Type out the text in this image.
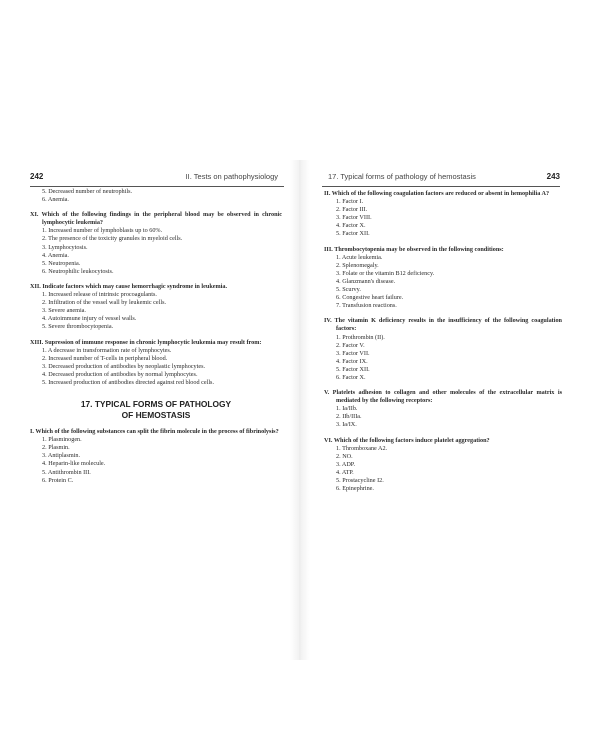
242	II. Tests on pathophysiology
5. Decreased number of neutrophils.
6. Anemia.
XI. Which of the following findings in the peripheral blood may be observed in chronic lymphocytic leukemia?
1. Increased number of lymphoblasts up to 60%.
2. The presence of the toxicity granules in myeloid cells.
3. Lymphocytosis.
4. Anemia.
5. Neutropenia.
6. Neutrophilic leukocytosis.
XII. Indicate factors which may cause hemorrhagic syndrome in leukemia.
1. Increased release of intrinsic procoagulants.
2. Infiltration of the vessel wall by leukemic cells.
3. Severe anemia.
4. Autoimmune injury of vessel walls.
5. Severe thrombocytopenia.
XIII. Supression of immune response in chronic lymphocytic leukemia may result from:
1. A decrease in transformation rate of lymphocytes.
2. Increased number of T-cells in peripheral blood.
3. Decreased production of antibodies by neoplastic lymphocytes.
4. Decreased production of antibodies by normal lymphocytes.
5. Increased production of antibodies directed against red blood cells.
17. TYPICAL FORMS OF PATHOLOGY
OF HEMOSTASIS
I. Which of the following substances can split the fibrin molecule in the process of fibrinolysis?
1. Plasminogen.
2. Plasmin.
3. Antiplasmin.
4. Heparin-like molecule.
5. Antithrombin III.
6. Protein C.
17. Typical forms of pathology of hemostasis	243
II. Which of the following coagulation factors are reduced or absent in hemophilia A?
1. Factor I.
2. Factor III.
3. Factor VIII.
4. Factor X.
5. Factor XII.
III. Thrombocytopenia may be observed in the following conditions:
1. Acute leukemia.
2. Splenomegaly.
3. Folate or the vitamin B12 deficiency.
4. Glanzmann's disease.
5. Scurvy.
6. Congestive heart failure.
7. Transfusion reactions.
IV. The vitamin K deficiency results in the insufficiency of the following coagulation factors:
1. Prothrombin (II).
2. Factor V.
3. Factor VII.
4. Factor IX.
5. Factor XII.
6. Factor X.
V. Platelets adhesion to collagen and other molecules of the extracellular matrix is mediated by the following receptors:
1. Ia/IIb.
2. IIb/IIIa.
3. Ia/IX.
VI. Which of the following factors induce platelet aggregation?
1. Thromboxane A2.
2. NO.
3. ADP.
4. ATP.
5. Prostacycline I2.
6. Epinephrine.
